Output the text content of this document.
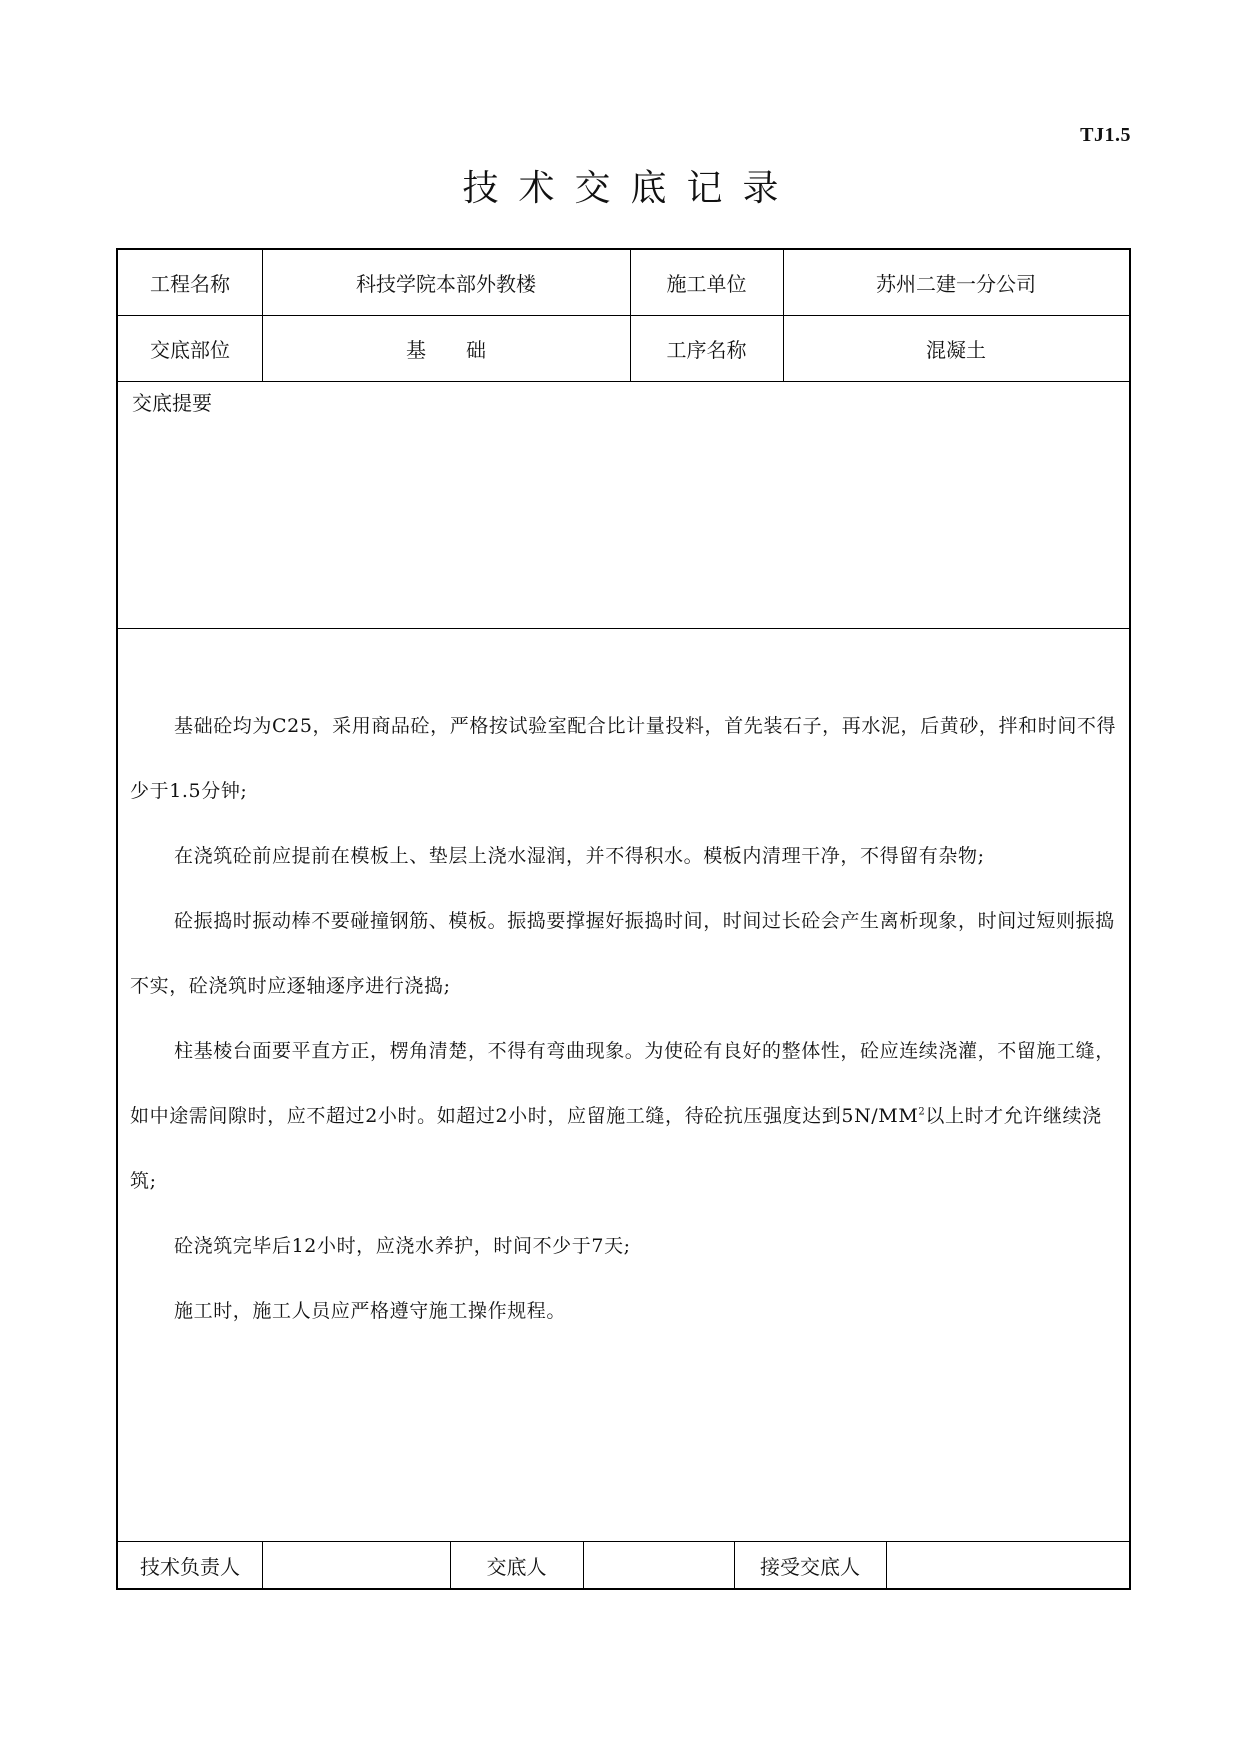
TJ1.5
技术交底记录
工程名称	科技学院本部外教楼	施工单位	苏州二建一分公司
交底部位	基　　础	工序名称	混凝土
交底提要

基础砼均为C25，采用商品砼，严格按试验室配合比计量投料，首先装石子，再水泥，后黄砂，拌和时间不得少于1.5分钟;

在浇筑砼前应提前在模板上、垫层上浇水湿润，并不得积水。模板内清理干净，不得留有杂物;

砼振捣时振动棒不要碰撞钢筋、模板。振捣要撑握好振捣时间，时间过长砼会产生离析现象，时间过短则振捣不实，砼浇筑时应逐轴逐序进行浇捣;

柱基棱台面要平直方正，楞角清楚，不得有弯曲现象。为使砼有良好的整体性，砼应连续浇灌，不留施工缝，如中途需间隙时，应不超过2小时。如超过2小时，应留施工缝，待砼抗压强度达到$5N/MM^2$以上时才允许继续浇筑;

砼浇筑完毕后12小时，应浇水养护，时间不少于7天;

施工时，施工人员应严格遵守施工操作规程。

技术负责人	交底人	接受交底人
